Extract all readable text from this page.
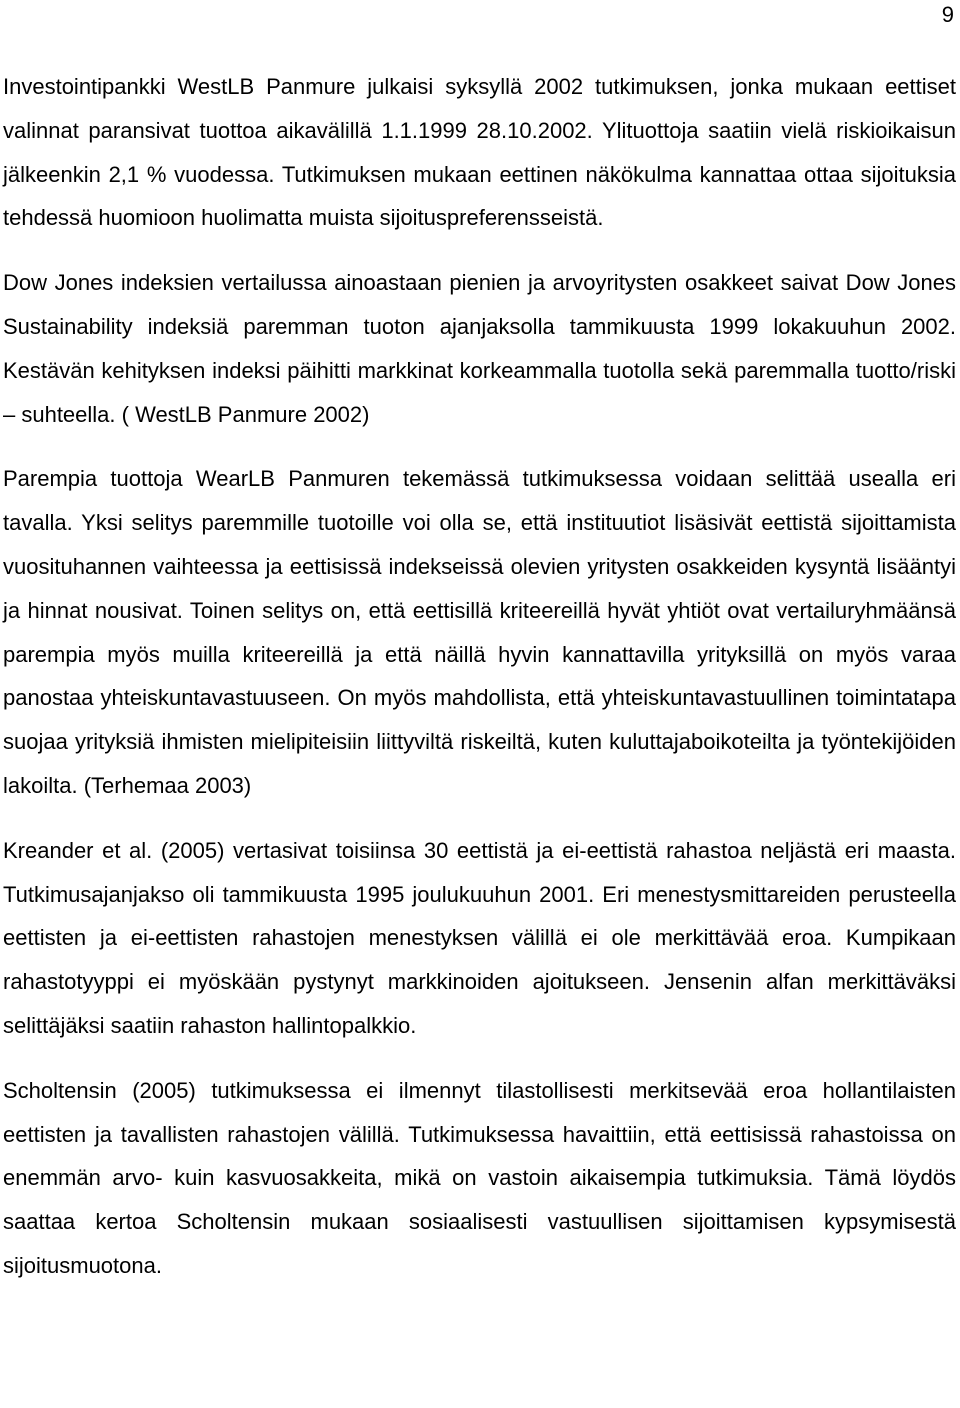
9

Investointipankki WestLB Panmure julkaisi syksyllä 2002 tutkimuksen, jonka mukaan eettiset valinnat paransivat tuottoa aikavälillä 1.1.1999 28.10.2002. Ylituottoja saatiin vielä riskioikaisun jälkeenkin 2,1 % vuodessa. Tutkimuksen mukaan eettinen näkökulma kannattaa ottaa sijoituksia tehdessä huomioon huolimatta muista sijoituspreferensseistä.

Dow Jones indeksien vertailussa ainoastaan pienien ja arvoyritysten osakkeet saivat Dow Jones Sustainability indeksiä paremman tuoton ajanjaksolla tammikuusta 1999 lokakuuhun 2002. Kestävän kehityksen indeksi päihitti markkinat korkeammalla tuotolla sekä paremmalla tuotto/riski – suhteella. ( WestLB Panmure 2002)

Parempia tuottoja WearLB Panmuren tekemässä tutkimuksessa voidaan selittää usealla eri tavalla. Yksi selitys paremmille tuotoille voi olla se, että instituutiot lisäsivät eettistä sijoittamista vuosituhannen vaihteessa ja eettisissä indekseissä olevien yritysten osakkeiden kysyntä lisääntyi ja hinnat nousivat. Toinen selitys on, että eettisillä kriteereillä hyvät yhtiöt ovat vertailuryhmäänsä parempia myös muilla kriteereillä ja että näillä hyvin kannattavilla yrityksillä on myös varaa panostaa yhteiskuntavastuuseen. On myös mahdollista, että yhteiskuntavastuullinen toimintatapa suojaa yrityksiä ihmisten mielipiteisiin liittyviltä riskeiltä, kuten kuluttajaboikoteilta ja työntekijöiden lakoilta. (Terhemaa 2003)

Kreander et al. (2005) vertasivat toisiinsa 30 eettistä ja ei-eettistä rahastoa neljästä eri maasta. Tutkimusajanjakso oli tammikuusta 1995 joulukuuhun 2001. Eri menestysmittareiden perusteella eettisten ja ei-eettisten rahastojen menestyksen välillä ei ole merkittävää eroa. Kumpikaan rahastotyyppi ei myöskään pystynyt markkinoiden ajoitukseen. Jensenin alfan merkittäväksi selittäjäksi saatiin rahaston hallintopalkkio.

Scholtensin (2005) tutkimuksessa ei ilmennyt tilastollisesti merkitsevää eroa hollantilaisten eettisten ja tavallisten rahastojen välillä. Tutkimuksessa havaittiin, että eettisissä rahastoissa on enemmän arvo- kuin kasvuosakkeita, mikä on vastoin aikaisempia tutkimuksia. Tämä löydös saattaa kertoa Scholtensin mukaan sosiaalisesti vastuullisen sijoittamisen kypsymisestä sijoitusmuotona.
